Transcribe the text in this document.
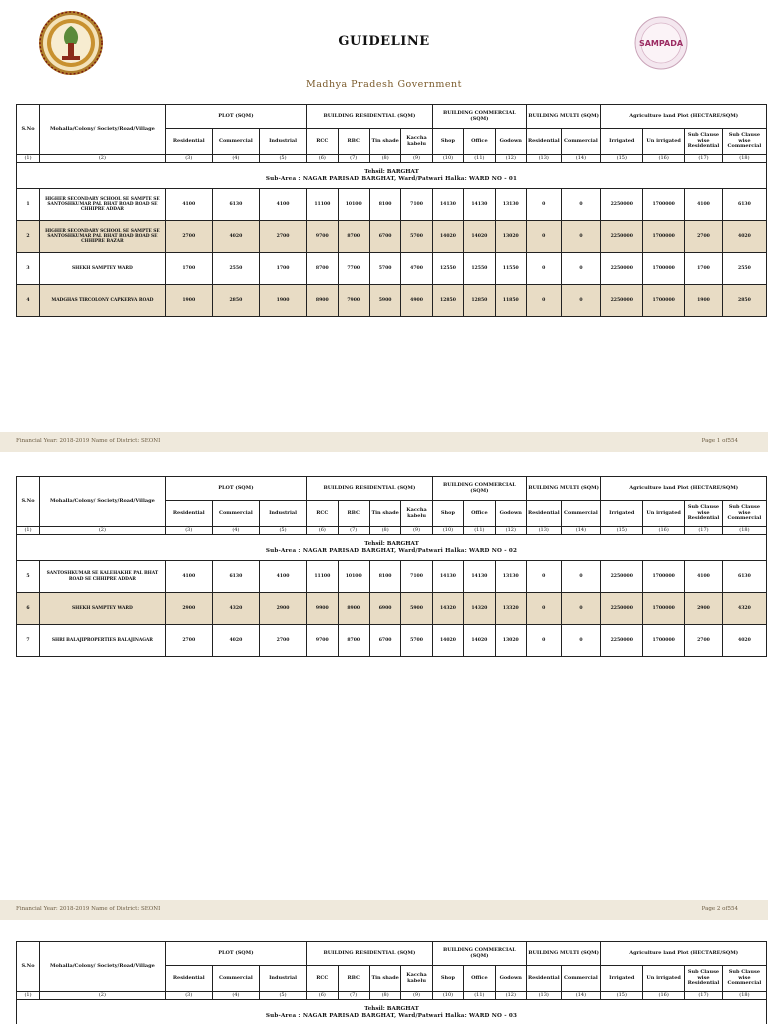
SAMPADA
GUIDELINE
Madhya Pradesh Government
S.No	Mohalla/Colony/ Society/Road/Village	PLOT (SQM)			BUILDING RESIDENTIAL (SQM)				BUILDING COMMERCIAL (SQM)			BUILDING MULTI (SQM)		Agriculture land Plot (HECTARE/SQM)			
		Residential	Commercial	Industrial	RCC	RBC	Tin shade	Kaccha kabelu	Shop	Office	Godown	Residential	Commercial	Irrigated	Un irrigated	Sub Clause wise Residential	Sub Clause wise Commercial
(1)	(2)	(3)	(4)	(5)	(6)	(7)	(8)	(9)	(10)	(11)	(12)	(13)	(14)	(15)	(16)	(17)	(18)

Tehsil: BARGHAT
Sub-Area : NAGAR PARISAD BARGHAT, Ward/Patwari Halka: WARD NO - 01																	

1	HIGHER SECONDARY SCHOOL SE SAMPTE SE SANTOSHKUMAR PAL BHAT ROAD ROAD SE CHHIPRE ADDAR	4100	6130	4100	11100	10100	8100	7100	14130	14130	13130	0	0	2250000	1700000	4100	6130
2	HIGHER SECONDARY SCHOOL SE SAMPTE SE SANTOSHKUMAR PAL BHAT ROAD ROAD SE CHHIPRE BAZAR	2700	4020	2700	9700	8700	6700	5700	14020	14020	13020	0	0	2250000	1700000	2700	4020
3	SHEKH SAMPTEY WARD	1700	2550	1700	8700	7700	5700	4700	12550	12550	11550	0	0	2250000	1700000	1700	2550
4	MADGHAS TIRCOLONY CAPKERVA ROAD	1900	2850	1900	8900	7900	5900	4900	12850	12850	11850	0	0	2250000	1700000	1900	2850
Financial Year: 2018-2019 Name of District: SEONI	Page 1 of554
S.No	Mohalla/Colony/ Society/Road/Village	PLOT (SQM)			BUILDING RESIDENTIAL (SQM)				BUILDING COMMERCIAL (SQM)			BUILDING MULTI (SQM)		Agriculture land Plot (HECTARE/SQM)			
		Residential	Commercial	Industrial	RCC	RBC	Tin shade	Kaccha kabelu	Shop	Office	Godown	Residential	Commercial	Irrigated	Un irrigated	Sub Clause wise Residential	Sub Clause wise Commercial
(1)	(2)	(3)	(4)	(5)	(6)	(7)	(8)	(9)	(10)	(11)	(12)	(13)	(14)	(15)	(16)	(17)	(18)

Tehsil: BARGHAT
Sub-Area : NAGAR PARISAD BARGHAT, Ward/Patwari Halka: WARD NO - 02																	

5	SANTOSHKUMAR SE KALEHAKHE PAL BHAT ROAD SE CHHIPRE ADDAR	4100	6130	4100	11100	10100	8100	7100	14130	14130	13130	0	0	2250000	1700000	4100	6130
6	SHEKH SAMPTEY WARD	2900	4320	2900	9900	8900	6900	5900	14320	14320	13320	0	0	2250000	1700000	2900	4320
7	SHRI BALAJIPROPERTIES BALAJINAGAR	2700	4020	2700	9700	8700	6700	5700	14020	14020	13020	0	0	2250000	1700000	2700	4020
Financial Year: 2018-2019 Name of District: SEONI	Page 2 of554
S.No	Mohalla/Colony/ Society/Road/Village	PLOT (SQM)			BUILDING RESIDENTIAL (SQM)				BUILDING COMMERCIAL (SQM)			BUILDING MULTI (SQM)		Agriculture land Plot (HECTARE/SQM)			
		Residential	Commercial	Industrial	RCC	RBC	Tin shade	Kaccha kabelu	Shop	Office	Godown	Residential	Commercial	Irrigated	Un irrigated	Sub Clause wise Residential	Sub Clause wise Commercial
(1)	(2)	(3)	(4)	(5)	(6)	(7)	(8)	(9)	(10)	(11)	(12)	(13)	(14)	(15)	(16)	(17)	(18)

Tehsil: BARGHAT
Sub-Area : NAGAR PARISAD BARGHAT, Ward/Patwari Halka: WARD NO - 03																	
